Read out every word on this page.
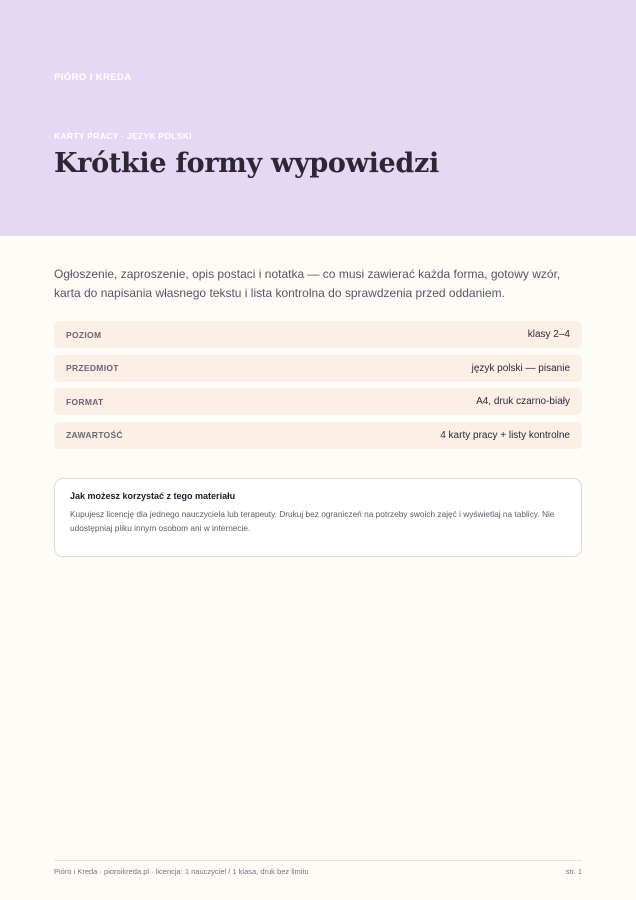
PIÓRO I KREDA
KARTY PRACY · JĘZYK POLSKI
Krótkie formy wypowiedzi

Ogłoszenie, zaproszenie, opis postaci i notatka — co musi zawierać każda forma, gotowy wzór, karta do napisania własnego tekstu i lista kontrolna do sprawdzenia przed oddaniem.

POZIOM	klasy 2–4
PRZEDMIOT	język polski — pisanie
FORMAT	A4, druk czarno-biały
ZAWARTOŚĆ	4 karty pracy + listy kontrolne

Jak możesz korzystać z tego materiału

Kupujesz licencję dla jednego nauczyciela lub terapeuty. Drukuj bez ograniczeń na potrzeby swoich zajęć i wyświetlaj na tablicy. Nie udostępniaj pliku innym osobom ani w internecie.

Pióro i Kreda · pioroikreda.pl · licencja: 1 nauczyciel / 1 klasa, druk bez limitu	str. 1
